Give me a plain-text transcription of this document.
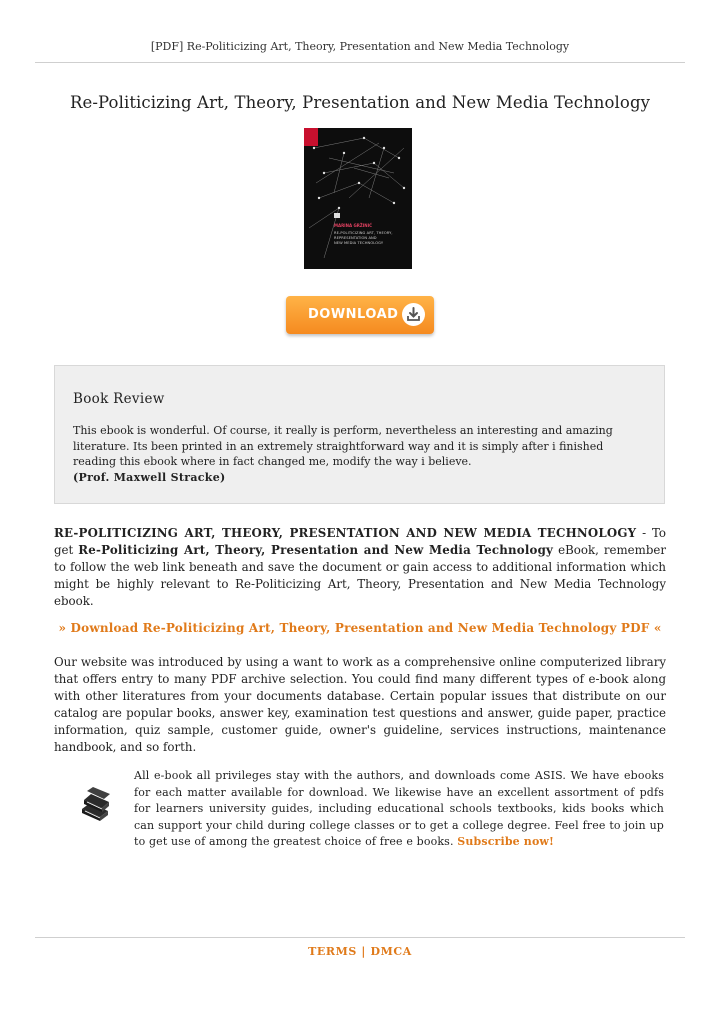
[PDF] Re-Politicizing Art, Theory, Presentation and New Media Technology
Re-Politicizing Art, Theory, Presentation and New Media Technology
MARINA GRŽINIĆ
RE-POLITICIZING ART, THEORY,
REPRESENTATION AND
NEW MEDIA TECHNOLOGY
DOWNLOAD
Book Review
This ebook is wonderful. Of course, it really is perform, nevertheless an interesting and amazing literature. Its been printed in an extremely straightforward way and it is simply after i finished reading this ebook where in fact changed me, modify the way i believe.
(Prof. Maxwell Stracke)
RE-POLITICIZING ART, THEORY, PRESENTATION AND NEW MEDIA TECHNOLOGY - To get Re-Politicizing Art, Theory, Presentation and New Media Technology eBook, remember to follow the web link beneath and save the document or gain access to additional information which might be highly relevant to Re-Politicizing Art, Theory, Presentation and New Media Technology ebook.
» Download Re-Politicizing Art, Theory, Presentation and New Media Technology PDF «
Our website was introduced by using a want to work as a comprehensive online computerized library that offers entry to many PDF archive selection. You could find many different types of e-book along with other literatures from your documents database. Certain popular issues that distribute on our catalog are popular books, answer key, examination test questions and answer, guide paper, practice information, quiz sample, customer guide, owner's guideline, services instructions, maintenance handbook, and so forth.
All e-book all privileges stay with the authors, and downloads come ASIS. We have ebooks for each matter available for download. We likewise have an excellent assortment of pdfs for learners university guides, including educational schools textbooks, kids books which can support your child during college classes or to get a college degree. Feel free to join up to get use of among the greatest choice of free e books. Subscribe now!
TERMS | DMCA
